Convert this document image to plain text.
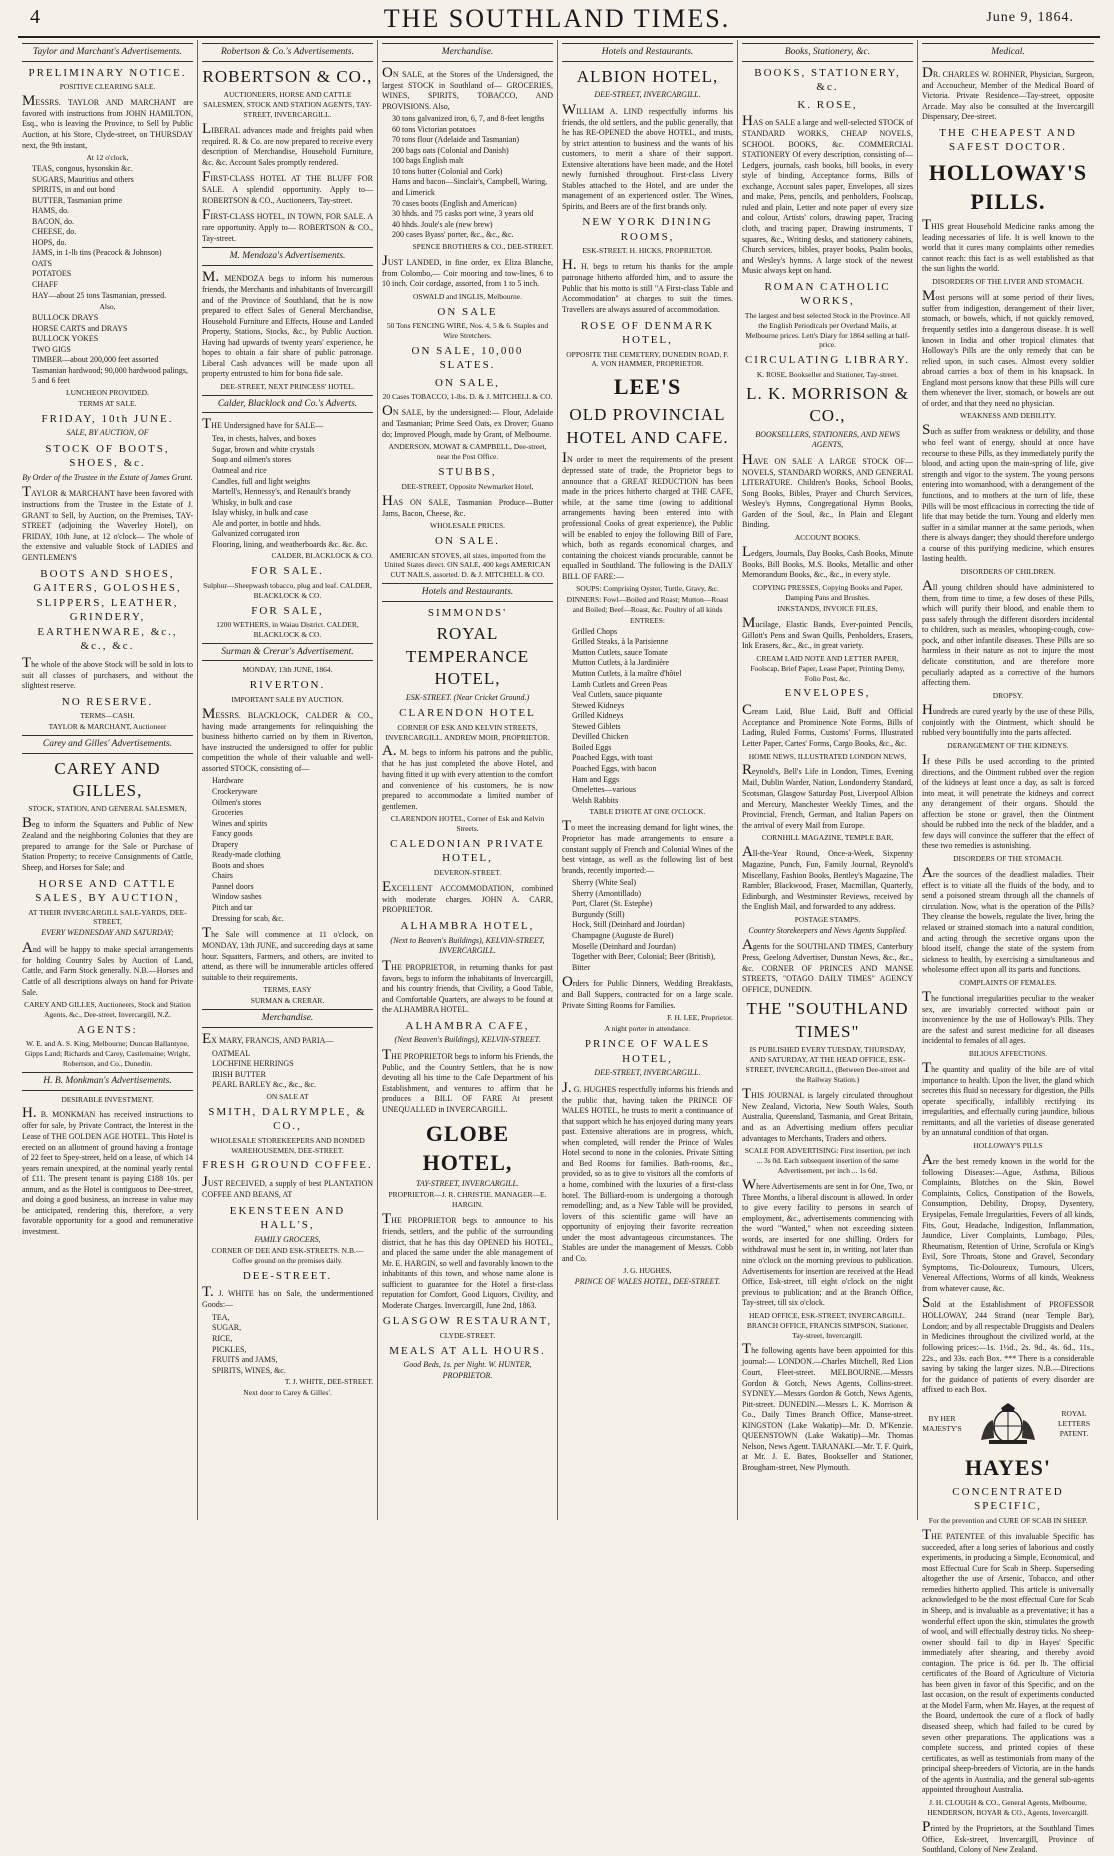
4	THE SOUTHLAND TIMES.	June 9, 1864.
Taylor and Marchant's Advertisements.
PRELIMINARY NOTICE.
POSITIVE CLEARING SALE.
MESSRS. TAYLOR AND MARCHANT are favored with instructions from JOHN HAMILTON, Esq., who is leaving the Province, to Sell by Public Auction, at his Store, Clyde-street, on THURSDAY next, the 9th instant,
At 12 o'clock,
TEAS, congous, hysonskin &c.
SUGARS, Mauritius and others
SPIRITS, in and out bond
BUTTER, Tasmanian prime
HAMS, do.
BACON, do.
CHEESE, do.
HOPS, do.
JAMS, in 1-lb tins (Peacock & Johnson)
OATS
POTATOES
CHAFF
HAY—about 25 tons Tasmanian, pressed.
Also,
BULLOCK DRAYS
HORSE CARTS and DRAYS
BULLOCK YOKES
TWO GIGS
TIMBER—about 200,000 feet assorted Tasmanian hardwood; 90,000 hardwood palings, 5 and 6 feet
LUNCHEON PROVIDED.
TERMS AT SALE.
FRIDAY, 10th JUNE.
SALE, BY AUCTION, OF
STOCK OF BOOTS, SHOES, &c.
By Order of the Trustee in the Estate of James Grant.
TAYLOR & MARCHANT have been favored with instructions from the Trustee in the Estate of J. GRANT to Sell, by Auction, on the Premises, TAY-STREET (adjoining the Waverley Hotel), on FRIDAY, 10th June, at 12 o'clock— The whole of the extensive and valuable Stock of LADIES and GENTLEMEN'S
BOOTS AND SHOES, GAITERS, GOLOSHES, SLIPPERS, LEATHER, GRINDERY, EARTHENWARE, &c., &c., &c.
The whole of the above Stock will be sold in lots to suit all classes of purchasers, and without the slightest reserve.
NO RESERVE.
TERMS—CASH.
TAYLOR & MARCHANT, Auctioneer
Carey and Gilles' Advertisements.
CAREY AND GILLES,
STOCK, STATION, AND GENERAL SALESMEN,
Beg to inform the Squatters and Public of New Zealand and the neighboring Colonies that they are prepared to arrange for the Sale or Purchase of Station Property; to receive Consignments of Cattle, Sheep, and Horses for Sale; and
HORSE AND CATTLE SALES, BY AUCTION,
AT THEIR INVERCARGILL SALE-YARDS, DEE-STREET,
EVERY WEDNESDAY AND SATURDAY;
And will be happy to make special arrangements for holding Country Sales by Auction of Land, Cattle, and Farm Stock generally. N.B.—Horses and Cattle of all descriptions always on hand for Private Sale.
CAREY AND GILLES, Auctioneers, Stock and Station Agents, &c., Dee-street, Invercargill, N.Z.
AGENTS:
W. E. and A. S. King, Melbourne; Duncan Ballantyne, Gipps Land; Richards and Carey, Castlemaine; Wright, Robertson, and Co., Dunedin.
H. B. Monkman's Advertisements.
DESIRABLE INVESTMENT.
H. B. MONKMAN has received instructions to offer for sale, by Private Contract, the Interest in the Lease of THE GOLDEN AGE HOTEL. This Hotel is erected on an allotment of ground having a frontage of 22 feet to Spey-street, held on a lease, of which 14 years remain unexpired, at the nominal yearly rental of £11. The present tenant is paying £188 10s. per annum, and as the Hotel is contiguous to Dee-street, and doing a good business, an increase in value may be anticipated, rendering this, therefore, a very favorable opportunity for a good and remunerative investment.
Robertson & Co.'s Advertisements.
ROBERTSON & CO.,
AUCTIONEERS, HORSE AND CATTLE SALESMEN, STOCK AND STATION AGENTS, TAY-STREET, INVERCARGILL.
LIBERAL advances made and freights paid when required. R. & Co. are now prepared to receive every description of Merchandise, Household Furniture, &c. &c. Account Sales promptly rendered.
FIRST-CLASS HOTEL AT THE BLUFF FOR SALE. A splendid opportunity. Apply to— ROBERTSON & CO., Auctioneers, Tay-street.
FIRST-CLASS HOTEL, IN TOWN, FOR SALE. A rare opportunity. Apply to— ROBERTSON & CO., Tay-street.
M. Mendoza's Advertisements.
M. MENDOZA begs to inform his numerous friends, the Merchants and inhabitants of Invercargill and of the Province of Southland, that he is now prepared to effect Sales of General Merchandise, Household Furniture and Effects, House and Landed Property, Stations, Stocks, &c., by Public Auction. Having had upwards of twenty years' experience, he hopes to obtain a fair share of public patronage. Liberal Cash advances will be made upon all property entrusted to him for bona fide sale.
DEE-STREET, NEXT PRINCESS' HOTEL.
Calder, Blacklock and Co.'s Adverts.
THE Undersigned have for SALE—
Tea, in chests, halves, and boxes
Sugar, brown and white crystals
Soap and oilmen's stores
Oatmeal and rice
Candles, full and light weights
Martell's, Hennessy's, and Renault's brandy
Whisky, in bulk and case
Islay whisky, in bulk and case
Ale and porter, in bottle and hhds.
Galvanized corrugated iron
Flooring, lining, and weatherboards &c. &c. &c.
CALDER, BLACKLOCK & CO.
FOR SALE.
Sulphur—Sheepwash tobacco, plug and leaf. CALDER, BLACKLOCK & CO.
FOR SALE,
1200 WETHERS, in Waiau District. CALDER, BLACKLOCK & CO.
Surman & Crerar's Advertisement.
MONDAY, 13th JUNE, 1864.
RIVERTON.
IMPORTANT SALE BY AUCTION.
MESSRS. BLACKLOCK, CALDER & CO., having made arrangements for relinquishing the business hitherto carried on by them in Riverton, have instructed the undersigned to offer for public competition the whole of their valuable and well-assorted STOCK, consisting of—
Hardware
Crockeryware
Oilmen's stores
Groceries
Wines and spirits
Fancy goods
Drapery
Ready-made clothing
Boots and shoes
Chairs
Pannel doors
Window sashes
Pitch and tar
Dressing for scab, &c.
The Sale will commence at 11 o'clock, on MONDAY, 13th JUNE, and succeeding days at same hour. Squatters, Farmers, and others, are invited to attend, as there will be innumerable articles offered suitable to their requirements.
TERMS, EASY
SURMAN & CRERAR.
Merchandise.
EX MARY, FRANCIS, AND PARIA—
OATMEAL
LOCHFINE HERRINGS
IRISH BUTTER
PEARL BARLEY &c., &c., &c.
ON SALE AT
SMITH, DALRYMPLE, & CO.,
WHOLESALE STOREKEEPERS AND BONDED WAREHOUSEMEN, DEE-STREET.
FRESH GROUND COFFEE.
JUST RECEIVED, a supply of best PLANTATION COFFEE AND BEANS, AT
EKENSTEEN AND HALL'S,
FAMILY GROCERS,
CORNER OF DEE AND ESK-STREETS. N.B.—Coffee ground on the premises daily.
DEE-STREET.
T. J. WHITE has on Sale, the undermentioned Goods:—
TEA,
SUGAR,
RICE,
PICKLES,
FRUITS and JAMS,
SPIRITS, WINES, &c.
T. J. WHITE, DEE-STREET.
Next door to Carey & Gilles'.
Merchandise.
ON SALE, at the Stores of the Undersigned, the largest STOCK in Southland of— GROCERIES, WINES, SPIRITS, TOBACCO, AND PROVISIONS. Also,
30 tons galvanized iron, 6, 7, and 8-feet lengths
60 tons Victorian potatoes
70 tons flour (Adelaide and Tasmanian)
200 bags oats (Colonial and Danish)
100 bags English malt
10 tons butter (Colonial and Cork)
Hams and bacon—Sinclair's, Campbell, Waring, and Limerick
70 cases boots (English and American)
30 hhds. and 75 casks port wine, 3 years old
40 hhds. Joule's ale (new brew)
200 cases Byass' porter, &c., &c., &c.
SPENCE BROTHERS & CO., DEE-STREET.
JUST LANDED, in fine order, ex Eliza Blanche, from Colombo,— Coir mooring and tow-lines, 6 to 10 inch. Coir cordage, assorted, from 1 to 5 inch.
OSWALD and INGLIS, Melbourne.
ON SALE
50 Tons FENCING WIRE, Nos. 4, 5 & 6. Staples and Wire Stretchers.
ON SALE, 10,000 SLATES.
ON SALE,
20 Cases TOBACCO, 1-lbs. D. & J. MITCHELL & CO.
ON SALE, by the undersigned:— Flour, Adelaide and Tasmanian; Prime Seed Oats, ex Drover; Guano do; Improved Plough, made by Grant, of Melbourne.
ANDERSON, MOWAT & CAMPBELL, Dee-street, near the Post Office.
STUBBS,
DEE-STREET, Opposite Newmarket Hotel,
HAS ON SALE, Tasmanian Produce—Butter Jams, Bacon, Cheese, &c.
WHOLESALE PRICES.
ON SALE.
AMERICAN STOVES, all sizes, imported from the United States direct. ON SALE, 400 kegs AMERICAN CUT NAILS, assorted. D. & J. MITCHELL & CO.
Hotels and Restaurants.
SIMMONDS'
ROYAL TEMPERANCE HOTEL,
ESK-STREET. (Near Cricket Ground.)
CLARENDON HOTEL
CORNER OF ESK AND KELVIN STREETS, INVERCARGILL. ANDREW MOIR, PROPRIETOR.
A. M. begs to inform his patrons and the public, that he has just completed the above Hotel, and having fitted it up with every attention to the comfort and convenience of his customers, he is now prepared to accommodate a limited number of gentlemen.
CLARENDON HOTEL, Corner of Esk and Kelvin Streets.
CALEDONIAN PRIVATE HOTEL,
DEVERON-STREET.
EXCELLENT ACCOMMODATION, combined with moderate charges. JOHN A. CARR, PROPRIETOR.
ALHAMBRA HOTEL,
(Next to Beaven's Buildings), KELVIN-STREET, INVERCARGILL.
THE PROPRIETOR, in returning thanks for past favors, begs to inform the inhabitants of Invercargill, and his country friends, that Civility, a Good Table, and Comfortable Quarters, are always to be found at the ALHAMBRA HOTEL.
ALHAMBRA CAFE,
(Next Beaven's Buildings), KELVIN-STREET.
THE PROPRIETOR begs to inform his Friends, the Public, and the Country Settlers, that he is now devoting all his time to the Cafe Department of his Establishment, and ventures to affirm that he produces a BILL OF FARE At present UNEQUALLED in INVERCARGILL.
GLOBE HOTEL,
TAY-STREET, INVERCARGILL.
PROPRIETOR—J. R. CHRISTIE. MANAGER—E. HARGIN.
THE PROPRIETOR begs to announce to his friends, settlers, and the public of the surrounding district, that he has this day OPENED his HOTEL, and placed the same under the able management of Mr. E. HARGIN, so well and favorably known to the inhabitants of this town, and whose name alone is sufficient to guarantee for the Hotel a first-class reputation for Comfort, Good Liquors, Civility, and Moderate Charges. Invercargill, June 2nd, 1863.
GLASGOW RESTAURANT,
CLYDE-STREET.
MEALS AT ALL HOURS.
Good Beds, 1s. per Night. W. HUNTER, PROPRIETOR.
Hotels and Restaurants.
ALBION HOTEL,
DEE-STREET, INVERCARGILL.
WILLIAM A. LIND respectfully informs his friends, the old settlers, and the public generally, that he has RE-OPENED the above HOTEL, and trusts, by strict attention to business and the wants of his customers, to merit a share of their support. Extensive alterations have been made, and the Hotel newly furnished throughout. First-class Livery Stables attached to the Hotel, and are under the management of an experienced ostler. The Wines, Spirits, and Beers are of the first brands only.
NEW YORK DINING ROOMS,
ESK-STREET. H. HICKS, PROPRIETOR.
H. H. begs to return his thanks for the ample patronage hitherto afforded him, and to assure the Public that his motto is still "A First-class Table and Accommodation" at charges to suit the times. Travellers are always assured of accommodation.
ROSE OF DENMARK HOTEL,
OPPOSITE THE CEMETERY, DUNEDIN ROAD, F. A. VON HAMMER, PROPRIETOR.
LEE'S
OLD PROVINCIAL HOTEL AND CAFE.
IN order to meet the requirements of the present depressed state of trade, the Proprietor begs to announce that a GREAT REDUCTION has been made in the prices hitherto charged at THE CAFE, while, at the same time (owing to additional arrangements having been entered into with professional Cooks of great experience), the Public will be enabled to enjoy the following Bill of Fare, which, both as regards economical charges, and containing the choicest viands procurable, cannot be equalled in Southland. The following is the DAILY BILL OF FARE:—
SOUPS: Comprising Oyster, Turtle, Gravy, &c.
DINNERS: Fowl—Boiled and Roast; Mutton—Roast and Boiled; Beef—Roast, &c. Poultry of all kinds
ENTREES:
Grilled Chops
Grilled Steaks, à la Parisienne
Mutton Cutlets, sauce Tomate
Mutton Cutlets, à la Jardinière
Mutton Cutlets, à la maître d'hôtel
Lamb Cutlets and Green Peas
Veal Cutlets, sauce piquante
Stewed Kidneys
Grilled Kidneys
Stewed Giblets
Devilled Chicken
Boiled Eggs
Poached Eggs, with toast
Poached Eggs, with bacon
Ham and Eggs
Omelettes—various
Welsh Rabbits
TABLE D'HOTE AT ONE O'CLOCK.
To meet the increasing demand for light wines, the Proprietor has made arrangements to ensure a constant supply of French and Colonial Wines of the best vintage, as well as the following list of best brands, recently imported:—
Sherry (White Seal)
Sherry (Amontillado)
Port, Claret (St. Estephe)
Burgundy (Still)
Hock, Still (Deinhard and Jourdan)
Champagne (Auguste de Burel)
Moselle (Deinhard and Jourdan)
Together with Beer, Colonial; Beer (British), Bitter
Orders for Public Dinners, Wedding Breakfasts, and Ball Suppers, contracted for on a large scale. Private Sitting Rooms for Families.
F. H. LEE, Proprietor.
A night porter in attendance.
PRINCE OF WALES HOTEL,
DEE-STREET, INVERCARGILL.
J. G. HUGHES respectfully informs his friends and the public that, having taken the PRINCE OF WALES HOTEL, he trusts to merit a continuance of that support which he has enjoyed during many years past. Extensive alterations are in progress, which, when completed, will render the Prince of Wales Hotel second to none in the colonies. Private Sitting and Bed Rooms for families. Bath-rooms, &c., provided, so as to give to visitors all the comforts of a home, combined with the luxuries of a first-class hotel. The Billiard-room is undergoing a thorough remodelling; and, as a New Table will be provided, lovers of this scientific game will have an opportunity of enjoying their favorite recreation under the most advantageous circumstances. The Stables are under the management of Messrs. Cobb and Co.
J. G. HUGHES,
PRINCE OF WALES HOTEL, DEE-STREET.
Books, Stationery, &c.
BOOKS, STATIONERY, &c.
K. ROSE,
HAS on SALE a large and well-selected STOCK of STANDARD WORKS, CHEAP NOVELS, SCHOOL BOOKS, &c. COMMERCIAL STATIONERY Of every description, consisting of— Ledgers, journals, cash books, bill books, in every style of binding, Acceptance forms, Bills of exchange, Account sales paper, Envelopes, all sizes and make, Pens, pencils, and penholders, Foolscap, ruled and plain, Letter and note paper of every size and colour, Artists' colors, drawing paper, Tracing cloth, and tracing paper, Drawing instruments, T squares, &c., Writing desks, and stationery cabinets, Church services, bibles, prayer books, Psalm books, and Wesley's hymns. A large stock of the newest Music always kept on hand.
ROMAN CATHOLIC WORKS,
The largest and best selected Stock in the Province. All the English Periodicals per Overland Mails, at Melbourne prices. Lett's Diary for 1864 selling at half-price.
CIRCULATING LIBRARY.
K. ROSE, Bookseller and Stationer, Tay-street.
L. K. MORRISON & CO.,
BOOKSELLERS, STATIONERS, AND NEWS AGENTS,
HAVE ON SALE A LARGE STOCK OF— NOVELS, STANDARD WORKS, AND GENERAL LITERATURE. Children's Books, School Books, Song Books, Bibles, Prayer and Church Services, Wesley's Hymns, Congregational Hymn Books, Garden of the Soul, &c., In Plain and Elegant Binding.
ACCOUNT BOOKS.
Ledgers, Journals, Day Books, Cash Books, Minute Books, Bill Books, M.S. Books, Metallic and other Memorandum Books, &c., &c., in every style.
COPYING PRESSES, Copying Books and Paper, Damping Pans and Brushes.
INKSTANDS, INVOICE FILES,
Mucilage, Elastic Bands, Ever-pointed Pencils, Gillott's Pens and Swan Quills, Penholders, Erasers, Ink Erasers, &c., &c., in great variety.
CREAM LAID NOTE AND LETTER PAPER, Foolscap, Brief Paper, Lease Paper, Printing Demy, Folio Post, &c.
ENVELOPES,
Cream Laid, Blue Laid, Buff and Official Acceptance and Prominence Note Forms, Bills of Lading, Ruled Forms, Customs' Forms, Illustrated Letter Paper, Cartes' Forms, Cargo Books, &c., &c.
HOME NEWS, ILLUSTRATED LONDON NEWS,
Reynold's, Bell's Life in London, Times, Evening Mail, Dublin Warder, Nation, Londonderry Standard, Scotsman, Glasgow Saturday Post, Liverpool Albion and Mercury, Manchester Weekly Times, and the Provincial, French, German, and Italian Papers on the arrival of every Mail from Europe.
CORNHILL MAGAZINE, TEMPLE BAR,
All-the-Year Round, Once-a-Week, Sixpenny Magazine, Punch, Fun, Family Journal, Reynold's Miscellany, Fashion Books, Bentley's Magazine, The Rambler, Blackwood, Fraser, Macmillan, Quarterly, Edinburgh, and Westminster Reviews, received by the English Mail, and forwarded to any address.
POSTAGE STAMPS.
Country Storekeepers and News Agents Supplied.
Agents for the SOUTHLAND TIMES, Canterbury Press, Geelong Advertiser, Dunstan News, &c., &c., &c. CORNER OF PRINCES AND MANSE STREETS, "OTAGO DAILY TIMES" AGENCY OFFICE, DUNEDIN.
THE "SOUTHLAND TIMES"
IS PUBLISHED EVERY TUESDAY, THURSDAY, AND SATURDAY, AT THE HEAD OFFICE, ESK-STREET, INVERCARGILL, (Between Dee-street and the Railway Station.)
THIS JOURNAL is largely circulated throughout New Zealand, Victoria, New South Wales, South Australia, Queensland, Tasmania, and Great Britain, and as an Advertising medium offers peculiar advantages to Merchants, Traders and others.
SCALE FOR ADVERTISING: First insertion, per inch ... 3s 0d. Each subsequent insertion of the same Advertisement, per inch ... 1s 6d.
Where Advertisements are sent in for One, Two, or Three Months, a liberal discount is allowed. In order to give every facility to persons in search of employment, &c., advertisements commencing with the word "Wanted," when not exceeding sixteen words, are inserted for one shilling. Orders for withdrawal must be sent in, in writing, not later than nine o'clock on the morning previous to publication. Advertisements for insertion are received at the Head Office, Esk-street, till eight o'clock on the night previous to publication; and at the Branch Office, Tay-street, till six o'clock.
HEAD OFFICE, ESK-STREET, INVERCARGILL. BRANCH OFFICE, FRANCIS SIMPSON, Stationer, Tay-street, Invercargill.
The following agents have been appointed for this journal:— LONDON.—Charles Mitchell, Red Lion Court, Fleet-street. MELBOURNE.—Messrs Gordon & Gotch, News Agents, Collins-street. SYDNEY.—Messrs Gordon & Gotch, News Agents, Pitt-street. DUNEDIN.—Messrs L. K. Morrison & Co., Daily Times Branch Office, Manse-street. KINGSTON (Lake Wakatip)—Mr. D. M'Kenzie. QUEENSTOWN (Lake Wakatip)—Mr. Thomas Nelson, News Agent. TARANAKI.—Mr. T. F. Quirk, at Mr. J. E. Bates, Bookseller and Stationer, Brougham-street, New Plymouth.
Medical.
DR. CHARLES W. ROHNER, Physician, Surgeon, and Accoucheur, Member of the Medical Board of Victoria. Private Residence—Tay-street, opposite Arcade. May also be consulted at the Invercargill Dispensary, Dee-street.
THE CHEAPEST AND SAFEST DOCTOR.
HOLLOWAY'S PILLS.
THIS great Household Medicine ranks among the leading necessaries of life. It is well known to the world that it cures many complaints other remedies cannot reach: this fact is as well established as that the sun lights the world.
DISORDERS OF THE LIVER AND STOMACH.
Most persons will at some period of their lives, suffer from indigestion, derangement of their liver, stomach, or bowels, which, if not quickly removed, frequently settles into a dangerous disease. It is well known in India and other tropical climates that Holloway's Pills are the only remedy that can be relied upon, in such cases. Almost every soldier abroad carries a box of them in his knapsack. In England most persons know that these Pills will cure them whenever the liver, stomach, or bowels are out of order, and that they need no physician.
WEAKNESS AND DEBILITY.
Such as suffer from weakness or debility, and those who feel want of energy, should at once have recourse to these Pills, as they immediately purify the blood, and acting upon the main-spring of life, give strength and vigor to the system. The young persons entering into womanhood, with a derangement of the functions, and to mothers at the turn of life, these Pills will be most efficacious in correcting the tide of life that may betide the turn. Young and elderly men suffer in a similar manner at the same periods, when there is always danger; they should therefore undergo a course of this purifying medicine, which ensures lasting health.
DISORDERS OF CHILDREN.
All young children should have administered to them, from time to time, a few doses of these Pills, which will purify their blood, and enable them to pass safely through the different disorders incidental to children, such as measles, whooping-cough, cow-pock, and other infantile diseases. These Pills are so harmless in their nature as not to injure the most delicate constitution, and are therefore more peculiarly adapted as a corrective of the humors affecting them.
DROPSY.
Hundreds are cured yearly by the use of these Pills, conjointly with the Ointment, which should be rubbed very bountifully into the parts affected.
DERANGEMENT OF THE KIDNEYS.
If these Pills be used according to the printed directions, and the Ointment rubbed over the region of the kidneys at least once a day, as salt is forced into meat, it will penetrate the kidneys and correct any derangement of their organs. Should the affection be stone or gravel, then the Ointment should be rubbed into the neck of the bladder, and a few days will convince the sufferer that the effect of these two remedies is astonishing.
DISORDERS OF THE STOMACH.
Are the sources of the deadliest maladies. Their effect is to vitiate all the fluids of the body, and to send a poisoned stream through all the channels of circulation. Now, what is the operation of the Pills? They cleanse the bowels, regulate the liver, bring the relaxed or strained stomach into a natural condition, and acting through the secretive organs upon the blood itself, change the state of the system from sickness to health, by exercising a simultaneous and wholesome effect upon all its parts and functions.
COMPLAINTS OF FEMALES.
The functional irregularities peculiar to the weaker sex, are invariably corrected without pain or inconvenience by the use of Holloway's Pills. They are the safest and surest medicine for all diseases incidental to females of all ages.
BILIOUS AFFECTIONS.
The quantity and quality of the bile are of vital importance to health. Upon the liver, the gland which secretes this fluid so necessary for digestion, the Pills operate specifically, infallibly rectifying its irregularities, and effectually curing jaundice, bilious remittants, and all the varieties of disease generated by an unnatural condition of that organ.
HOLLOWAY'S PILLS
Are the best remedy known in the world for the following Diseases:—Ague, Asthma, Bilious Complaints, Blotches on the Skin, Bowel Complaints, Colics, Constipation of the Bowels, Consumption, Debility, Dropsy, Dysentery, Erysipelas, Female Irregularities, Fevers of all kinds, Fits, Gout, Headache, Indigestion, Inflammation, Jaundice, Liver Complaints, Lumbago, Piles, Rheumatism, Retention of Urine, Scrofula or King's Evil, Sore Throats, Stone and Gravel, Secondary Symptoms, Tic-Doloureux, Tumours, Ulcers, Venereal Affections, Worms of all kinds, Weakness from whatever cause, &c.
Sold at the Establishment of PROFESSOR HOLLOWAY, 244 Strand (near Temple Bar), London; and by all respectable Druggists and Dealers in Medicines throughout the civilized world, at the following prices:—1s. 1½d., 2s. 9d., 4s. 6d., 11s., 22s., and 33s. each Box. *** There is a considerable saving by taking the larger sizes. N.B.—Directions for the guidance of patients of every disorder are affixed to each Box.
BY HER MAJESTY'S
ROYAL LETTERS PATENT.
HAYES'
CONCENTRATED SPECIFIC,
For the prevention and CURE OF SCAB IN SHEEP.
THE PATENTEE of this invaluable Specific has succeeded, after a long series of laborious and costly experiments, in producing a Simple, Economical, and most Effectual Cure for Scab in Sheep. Superseding altogether the use of Arsenic, Tobacco, and other remedies hitherto applied. This article is universally acknowledged to be the most effectual Cure for Scab in Sheep, and is invaluable as a preventative; it has a wonderful effect upon the skin, stimulates the growth of wool, and will effectually destroy ticks. No sheep-owner should fail to dip in Hayes' Specific immediately after shearing, and thereby avoid contagion. The price is 6d. per lb. The official certificates of the Board of Agriculture of Victoria has been given in favor of this Specific, and on the last occasion, on the result of experiments conducted at the Model Farm, when Mr. Hayes, at the request of the Board, undertook the cure of a flock of badly diseased sheep, which had failed to be cured by seven other preparations. The applications was a complete success, and printed copies of these certificates, as well as testimonials from many of the principal sheep-breeders of Victoria, are in the hands of the agents in Australia, and the general sub-agents appointed throughout Australia.
J. H. CLOUGH & CO., General Agents, Melbourne, HENDERSON, BOYAR & CO., Agents, Invercargill.
Printed by the Proprietors, at the Southland Times Office, Esk-street, Invercargill, Province of Southland, Colony of New Zealand.
